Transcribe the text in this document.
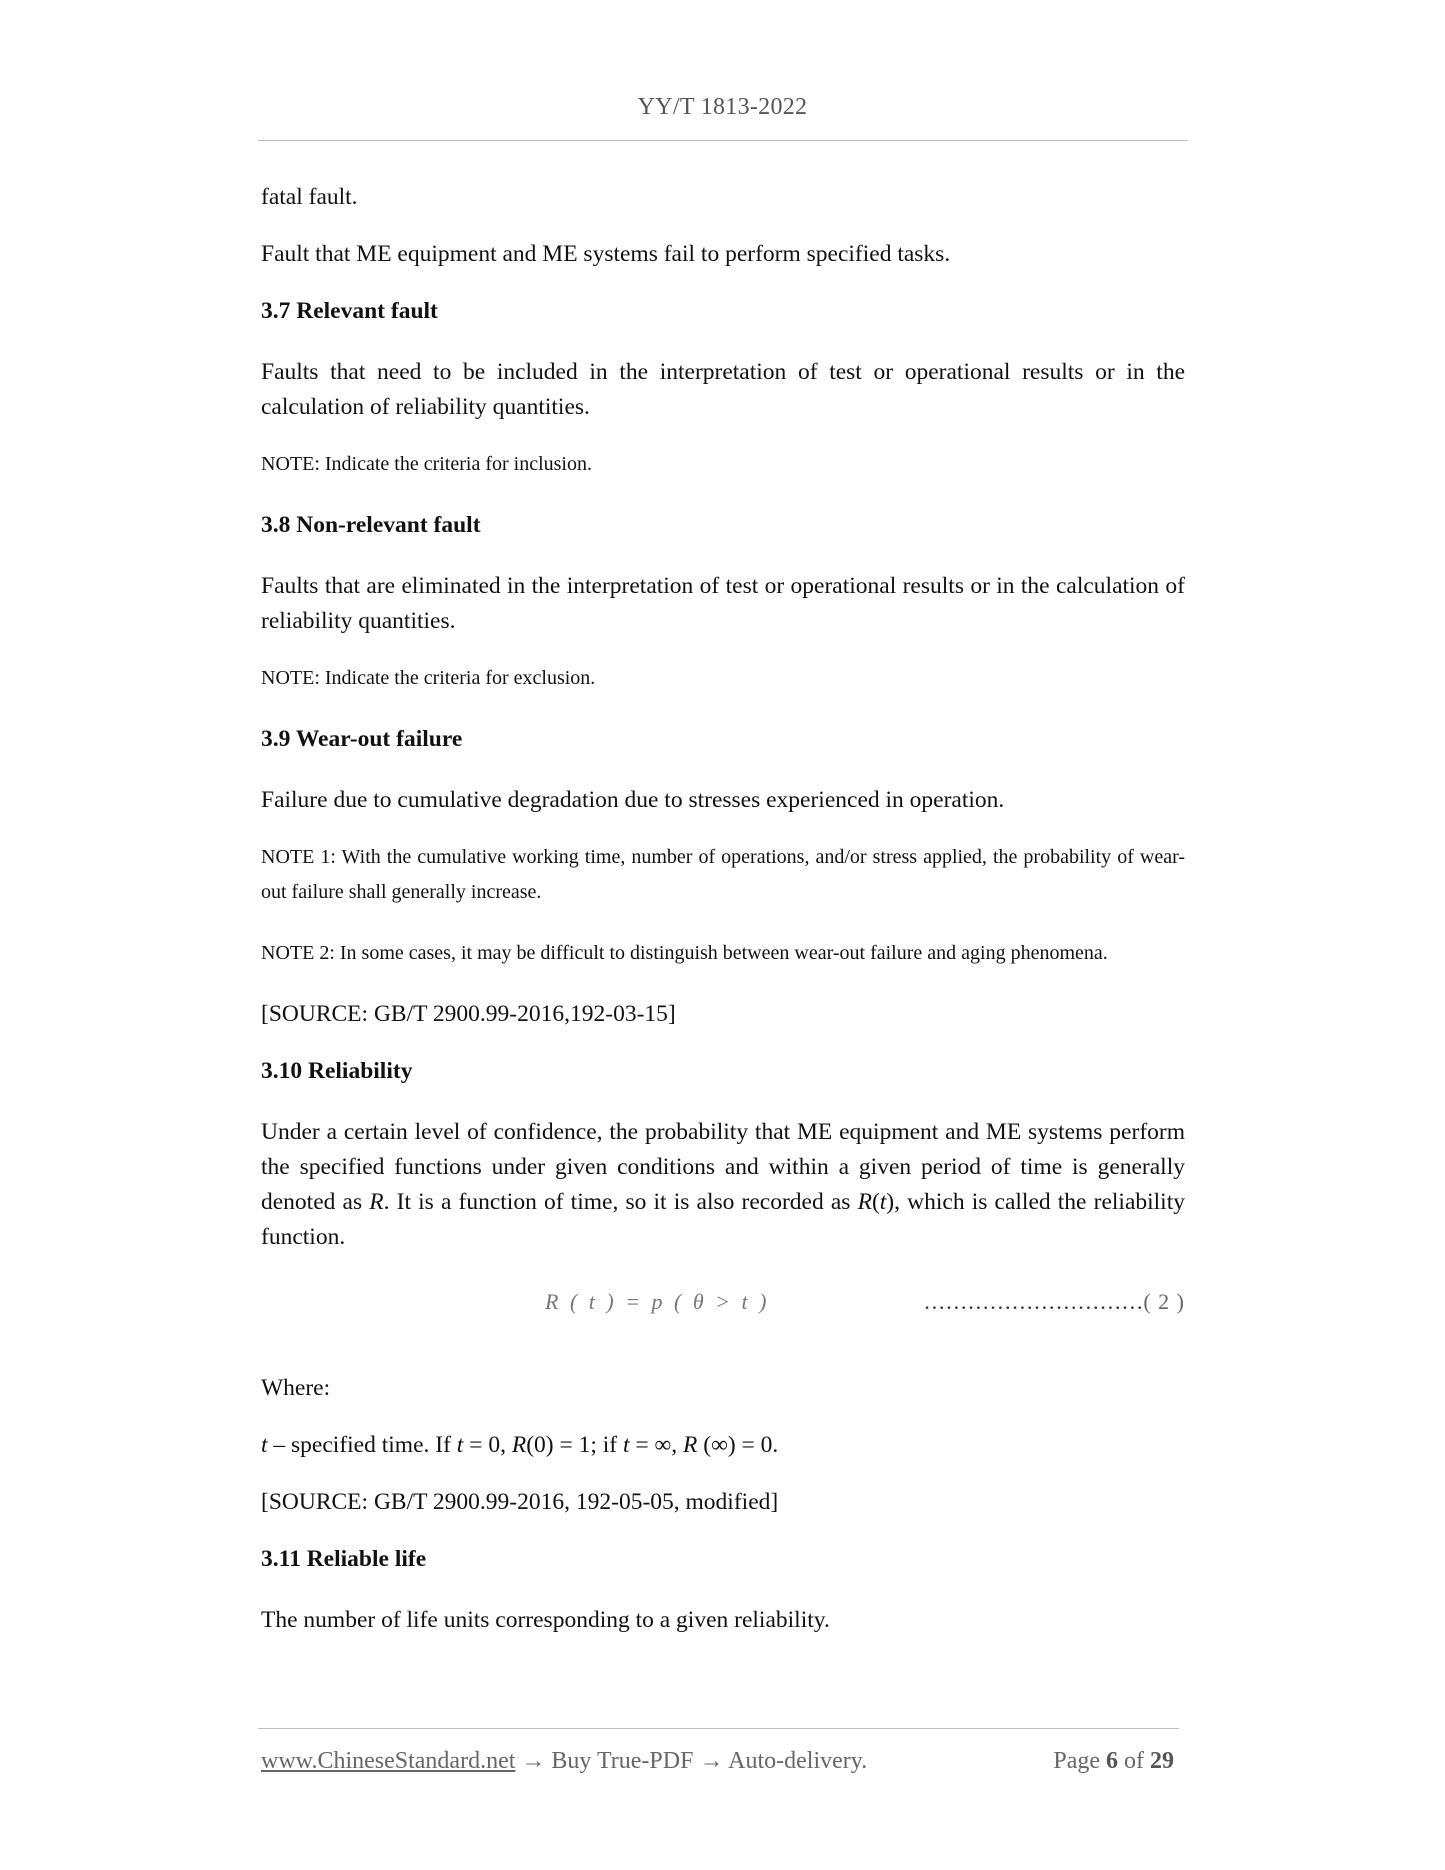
YY/T 1813-2022

fatal fault.

Fault that ME equipment and ME systems fail to perform specified tasks.

3.7 Relevant fault

Faults that need to be included in the interpretation of test or operational results or in the calculation of reliability quantities.

NOTE: Indicate the criteria for inclusion.

3.8 Non-relevant fault

Faults that are eliminated in the interpretation of test or operational results or in the calculation of reliability quantities.

NOTE: Indicate the criteria for exclusion.

3.9 Wear-out failure

Failure due to cumulative degradation due to stresses experienced in operation.

NOTE 1: With the cumulative working time, number of operations, and/or stress applied, the probability of wear-out failure shall generally increase.

NOTE 2: In some cases, it may be difficult to distinguish between wear-out failure and aging phenomena.

[SOURCE: GB/T 2900.99-2016,192-03-15]

3.10 Reliability

Under a certain level of confidence, the probability that ME equipment and ME systems perform the specified functions under given conditions and within a given period of time is generally denoted as R. It is a function of time, so it is also recorded as R(t), which is called the reliability function.

R ( t ) = p ( θ > t )	…………………………( 2 )

Where:

t – specified time. If t = 0, R(0) = 1; if t = ∞, R (∞) = 0.

[SOURCE: GB/T 2900.99-2016, 192-05-05, modified]

3.11 Reliable life

The number of life units corresponding to a given reliability.

www.ChineseStandard.net → Buy True-PDF → Auto-delivery.	Page 6 of 29
